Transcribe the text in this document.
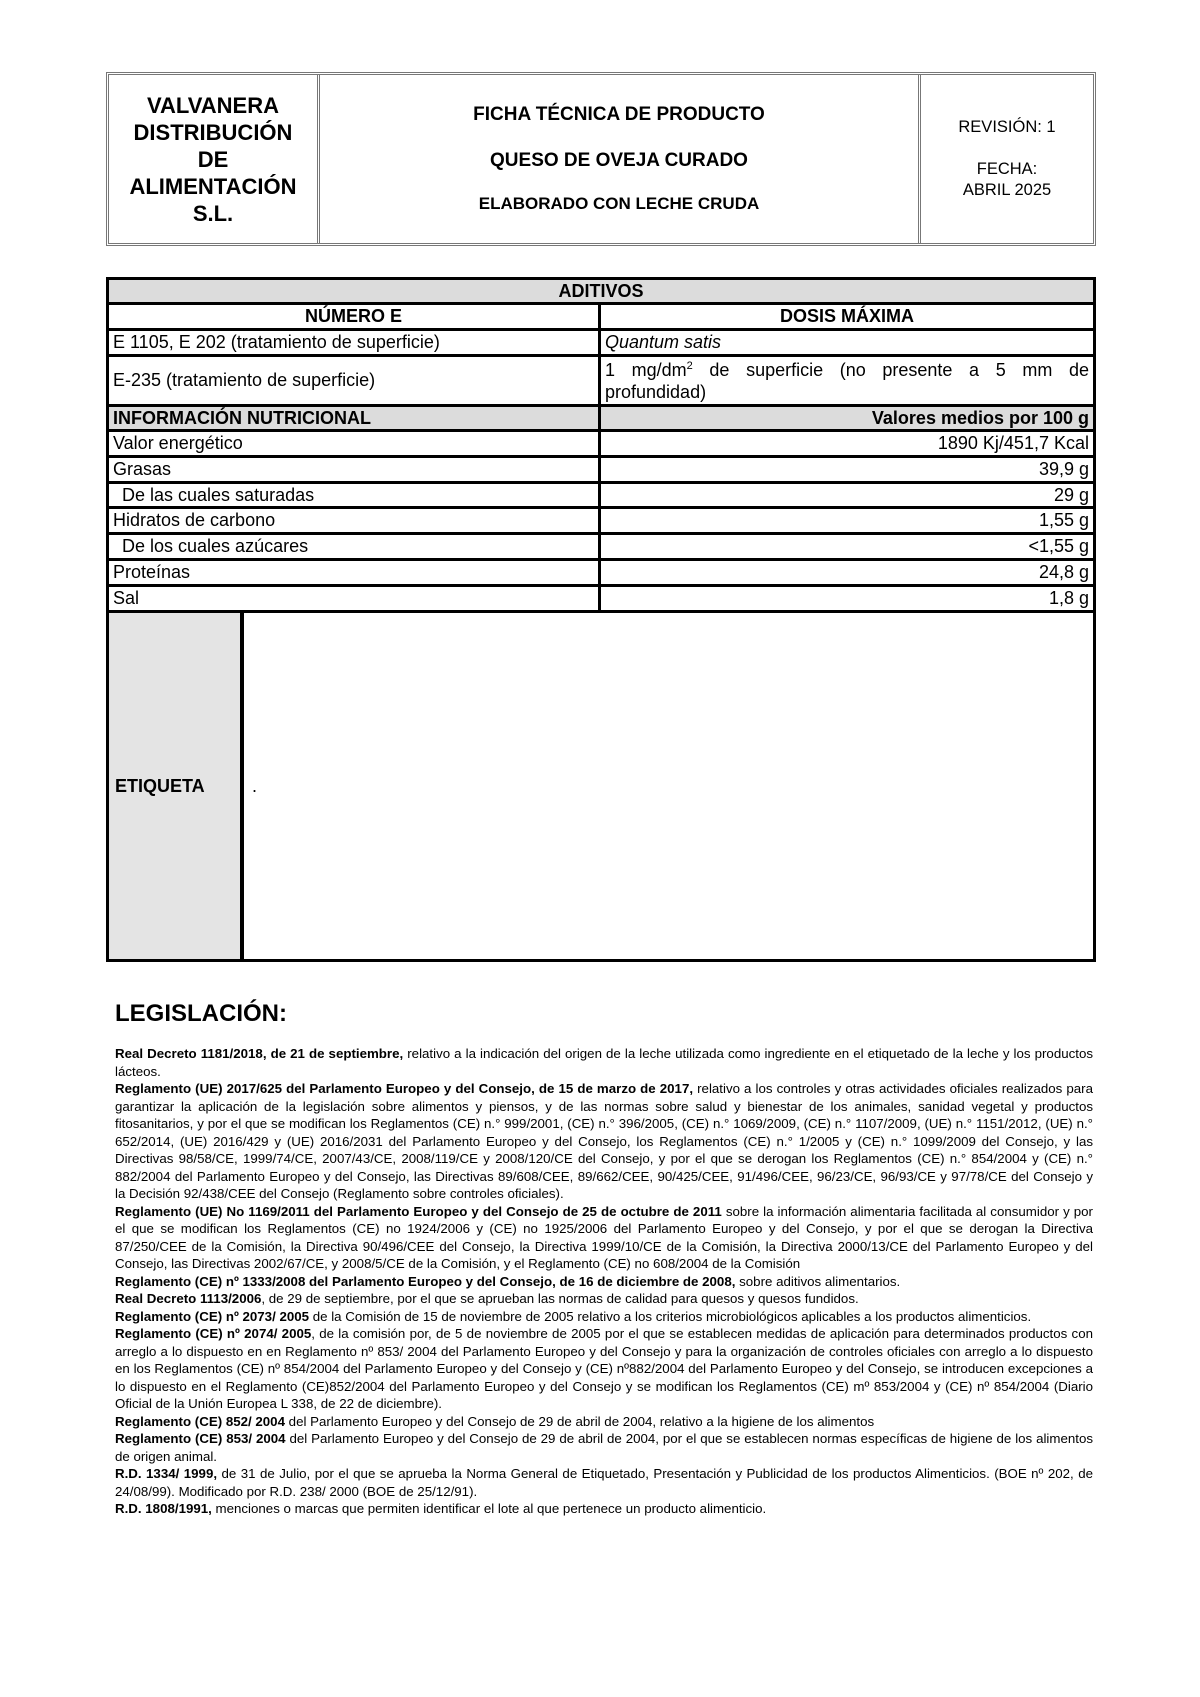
VALVANERA
DISTRIBUCIÓN
DE
ALIMENTACIÓN
S.L.
FICHA TÉCNICA DE PRODUCTO
QUESO DE OVEJA CURADO
ELABORADO CON LECHE CRUDA
REVISIÓN: 1
FECHA: ABRIL 2025
ADITIVOS
NÚMERO E	DOSIS MÁXIMA
E 1105, E 202 (tratamiento de superficie)	Quantum satis
E-235 (tratamiento de superficie)	1 $mg/dm^2$ de superficie (no presente a 5 mm de profundidad)
INFORMACIÓN NUTRICIONAL	Valores medios por 100 g
Valor energético	1890 Kj/451,7 Kcal
Grasas	39,9 g
De las cuales saturadas	29 g
Hidratos de carbono	1,55 g
De los cuales azúcares	<1,55 g
Proteínas	24,8 g
Sal	1,8 g
ETIQUETA	.
LEGISLACIÓN:

Real Decreto 1181/2018, de 21 de septiembre, relativo a la indicación del origen de la leche utilizada como ingrediente en el etiquetado de la leche y los productos lácteos.

Reglamento (UE) 2017/625 del Parlamento Europeo y del Consejo, de 15 de marzo de 2017, relativo a los controles y otras actividades oficiales realizados para garantizar la aplicación de la legislación sobre alimentos y piensos, y de las normas sobre salud y bienestar de los animales, sanidad vegetal y productos fitosanitarios, y por el que se modifican los Reglamentos (CE) n.° 999/2001, (CE) n.° 396/2005, (CE) n.° 1069/2009, (CE) n.° 1107/2009, (UE) n.° 1151/2012, (UE) n.° 652/2014, (UE) 2016/429 y (UE) 2016/2031 del Parlamento Europeo y del Consejo, los Reglamentos (CE) n.° 1/2005 y (CE) n.° 1099/2009 del Consejo, y las Directivas 98/58/CE, 1999/74/CE, 2007/43/CE, 2008/119/CE y 2008/120/CE del Consejo, y por el que se derogan los Reglamentos (CE) n.° 854/2004 y (CE) n.° 882/2004 del Parlamento Europeo y del Consejo, las Directivas 89/608/CEE, 89/662/CEE, 90/425/CEE, 91/496/CEE, 96/23/CE, 96/93/CE y 97/78/CE del Consejo y la Decisión 92/438/CEE del Consejo (Reglamento sobre controles oficiales).

Reglamento (UE) No 1169/2011 del Parlamento Europeo y del Consejo de 25 de octubre de 2011 sobre la información alimentaria facilitada al consumidor y por el que se modifican los Reglamentos (CE) no 1924/2006 y (CE) no 1925/2006 del Parlamento Europeo y del Consejo, y por el que se derogan la Directiva 87/250/CEE de la Comisión, la Directiva 90/496/CEE del Consejo, la Directiva 1999/10/CE de la Comisión, la Directiva 2000/13/CE del Parlamento Europeo y del Consejo, las Directivas 2002/67/CE, y 2008/5/CE de la Comisión, y el Reglamento (CE) no 608/2004 de la Comisión

Reglamento (CE) nº 1333/2008 del Parlamento Europeo y del Consejo, de 16 de diciembre de 2008, sobre aditivos alimentarios.

Real Decreto 1113/2006, de 29 de septiembre, por el que se aprueban las normas de calidad para quesos y quesos fundidos.

Reglamento (CE) nº 2073/ 2005 de la Comisión de 15 de noviembre de 2005 relativo a los criterios microbiológicos aplicables a los productos alimenticios.

Reglamento (CE) nº 2074/ 2005, de la comisión por, de 5 de noviembre de 2005 por el que se establecen medidas de aplicación para determinados productos con arreglo a lo dispuesto en en Reglamento nº 853/ 2004 del Parlamento Europeo y del Consejo y para la organización de controles oficiales con arreglo a lo dispuesto en los Reglamentos (CE) nº 854/2004 del Parlamento Europeo y del Consejo y (CE) nº882/2004 del Parlamento Europeo y del Consejo, se introducen excepciones a lo dispuesto en el Reglamento (CE)852/2004 del Parlamento Europeo y del Consejo y se modifican los Reglamentos (CE) mº 853/2004 y (CE) nº 854/2004 (Diario Oficial de la Unión Europea L 338, de 22 de diciembre).

Reglamento (CE) 852/ 2004 del Parlamento Europeo y del Consejo de 29 de abril de 2004, relativo a la higiene de los alimentos

Reglamento (CE) 853/ 2004 del Parlamento Europeo y del Consejo de 29 de abril de 2004, por el que se establecen normas específicas de higiene de los alimentos de origen animal.

R.D. 1334/ 1999, de 31 de Julio, por el que se aprueba la Norma General de Etiquetado, Presentación y Publicidad de los productos Alimenticios. (BOE nº 202, de 24/08/99). Modificado por R.D. 238/ 2000 (BOE de 25/12/91).

R.D. 1808/1991, menciones o marcas que permiten identificar el lote al que pertenece un producto alimenticio.
